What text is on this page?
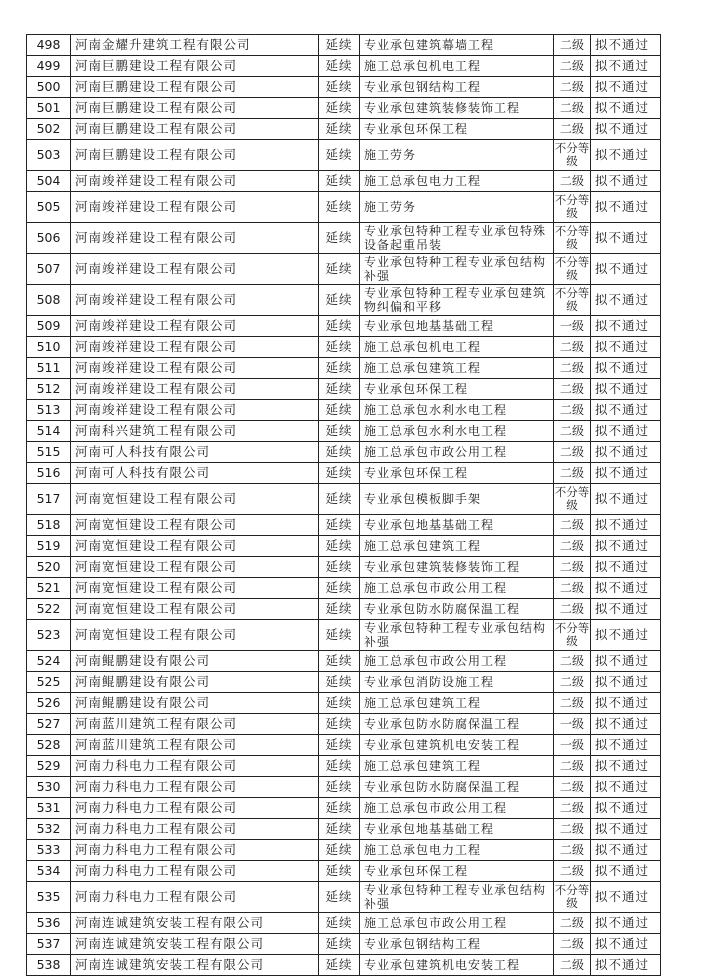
498	河南金耀升建筑工程有限公司	延续	专业承包建筑幕墙工程	二级	拟不通过
499	河南巨鹏建设工程有限公司	延续	施工总承包机电工程	二级	拟不通过
500	河南巨鹏建设工程有限公司	延续	专业承包钢结构工程	二级	拟不通过
501	河南巨鹏建设工程有限公司	延续	专业承包建筑装修装饰工程	二级	拟不通过
502	河南巨鹏建设工程有限公司	延续	专业承包环保工程	二级	拟不通过
503	河南巨鹏建设工程有限公司	延续	施工劳务	不分等级	拟不通过
504	河南竣祥建设工程有限公司	延续	施工总承包电力工程	二级	拟不通过
505	河南竣祥建设工程有限公司	延续	施工劳务	不分等级	拟不通过
506	河南竣祥建设工程有限公司	延续	专业承包特种工程专业承包特殊设备起重吊装	不分等级	拟不通过
507	河南竣祥建设工程有限公司	延续	专业承包特种工程专业承包结构补强	不分等级	拟不通过
508	河南竣祥建设工程有限公司	延续	专业承包特种工程专业承包建筑物纠偏和平移	不分等级	拟不通过
509	河南竣祥建设工程有限公司	延续	专业承包地基基础工程	一级	拟不通过
510	河南竣祥建设工程有限公司	延续	施工总承包机电工程	二级	拟不通过
511	河南竣祥建设工程有限公司	延续	施工总承包建筑工程	二级	拟不通过
512	河南竣祥建设工程有限公司	延续	专业承包环保工程	二级	拟不通过
513	河南竣祥建设工程有限公司	延续	施工总承包水利水电工程	二级	拟不通过
514	河南科兴建筑工程有限公司	延续	施工总承包水利水电工程	二级	拟不通过
515	河南可人科技有限公司	延续	施工总承包市政公用工程	二级	拟不通过
516	河南可人科技有限公司	延续	专业承包环保工程	二级	拟不通过
517	河南宽恒建设工程有限公司	延续	专业承包模板脚手架	不分等级	拟不通过
518	河南宽恒建设工程有限公司	延续	专业承包地基基础工程	二级	拟不通过
519	河南宽恒建设工程有限公司	延续	施工总承包建筑工程	二级	拟不通过
520	河南宽恒建设工程有限公司	延续	专业承包建筑装修装饰工程	二级	拟不通过
521	河南宽恒建设工程有限公司	延续	施工总承包市政公用工程	二级	拟不通过
522	河南宽恒建设工程有限公司	延续	专业承包防水防腐保温工程	二级	拟不通过
523	河南宽恒建设工程有限公司	延续	专业承包特种工程专业承包结构补强	不分等级	拟不通过
524	河南鲲鹏建设有限公司	延续	施工总承包市政公用工程	二级	拟不通过
525	河南鲲鹏建设有限公司	延续	专业承包消防设施工程	二级	拟不通过
526	河南鲲鹏建设有限公司	延续	施工总承包建筑工程	二级	拟不通过
527	河南蓝川建筑工程有限公司	延续	专业承包防水防腐保温工程	一级	拟不通过
528	河南蓝川建筑工程有限公司	延续	专业承包建筑机电安装工程	一级	拟不通过
529	河南力科电力工程有限公司	延续	施工总承包建筑工程	二级	拟不通过
530	河南力科电力工程有限公司	延续	专业承包防水防腐保温工程	二级	拟不通过
531	河南力科电力工程有限公司	延续	施工总承包市政公用工程	二级	拟不通过
532	河南力科电力工程有限公司	延续	专业承包地基基础工程	二级	拟不通过
533	河南力科电力工程有限公司	延续	施工总承包电力工程	二级	拟不通过
534	河南力科电力工程有限公司	延续	专业承包环保工程	二级	拟不通过
535	河南力科电力工程有限公司	延续	专业承包特种工程专业承包结构补强	不分等级	拟不通过
536	河南连诚建筑安装工程有限公司	延续	施工总承包市政公用工程	二级	拟不通过
537	河南连诚建筑安装工程有限公司	延续	专业承包钢结构工程	二级	拟不通过
538	河南连诚建筑安装工程有限公司	延续	专业承包建筑机电安装工程	二级	拟不通过
